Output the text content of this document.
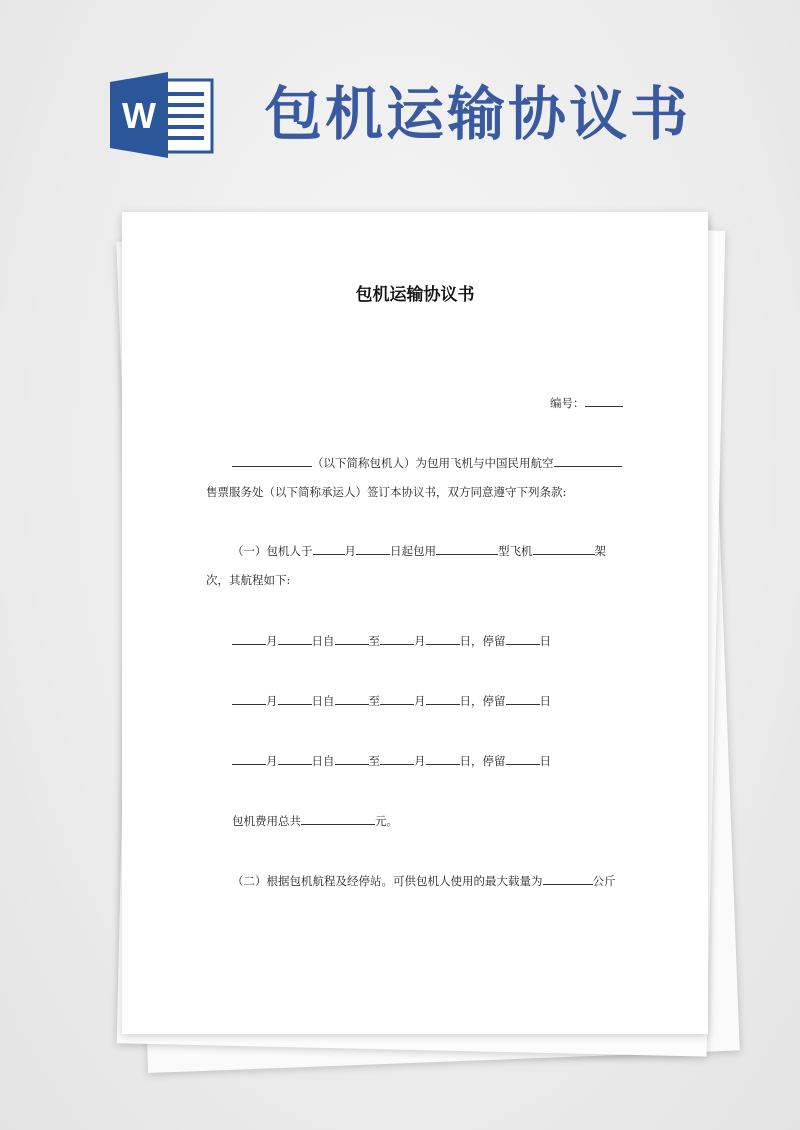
W 包机运输协议书
包机运输协议书
编号：
（以下简称包机人）为包用飞机与中国民用航空
售票服务处（以下简称承运人）签订本协议书，双方同意遵守下列条款:
（一）包机人于	月	日起包用	型飞机	架
次，其航程如下:
月	日自	至	月	日，停留	日
月	日自	至	月	日，停留	日
月	日自	至	月	日，停留	日
包机费用总共	元。
（二）根据包机航程及经停站。可供包机人使用的最大载量为	公斤
